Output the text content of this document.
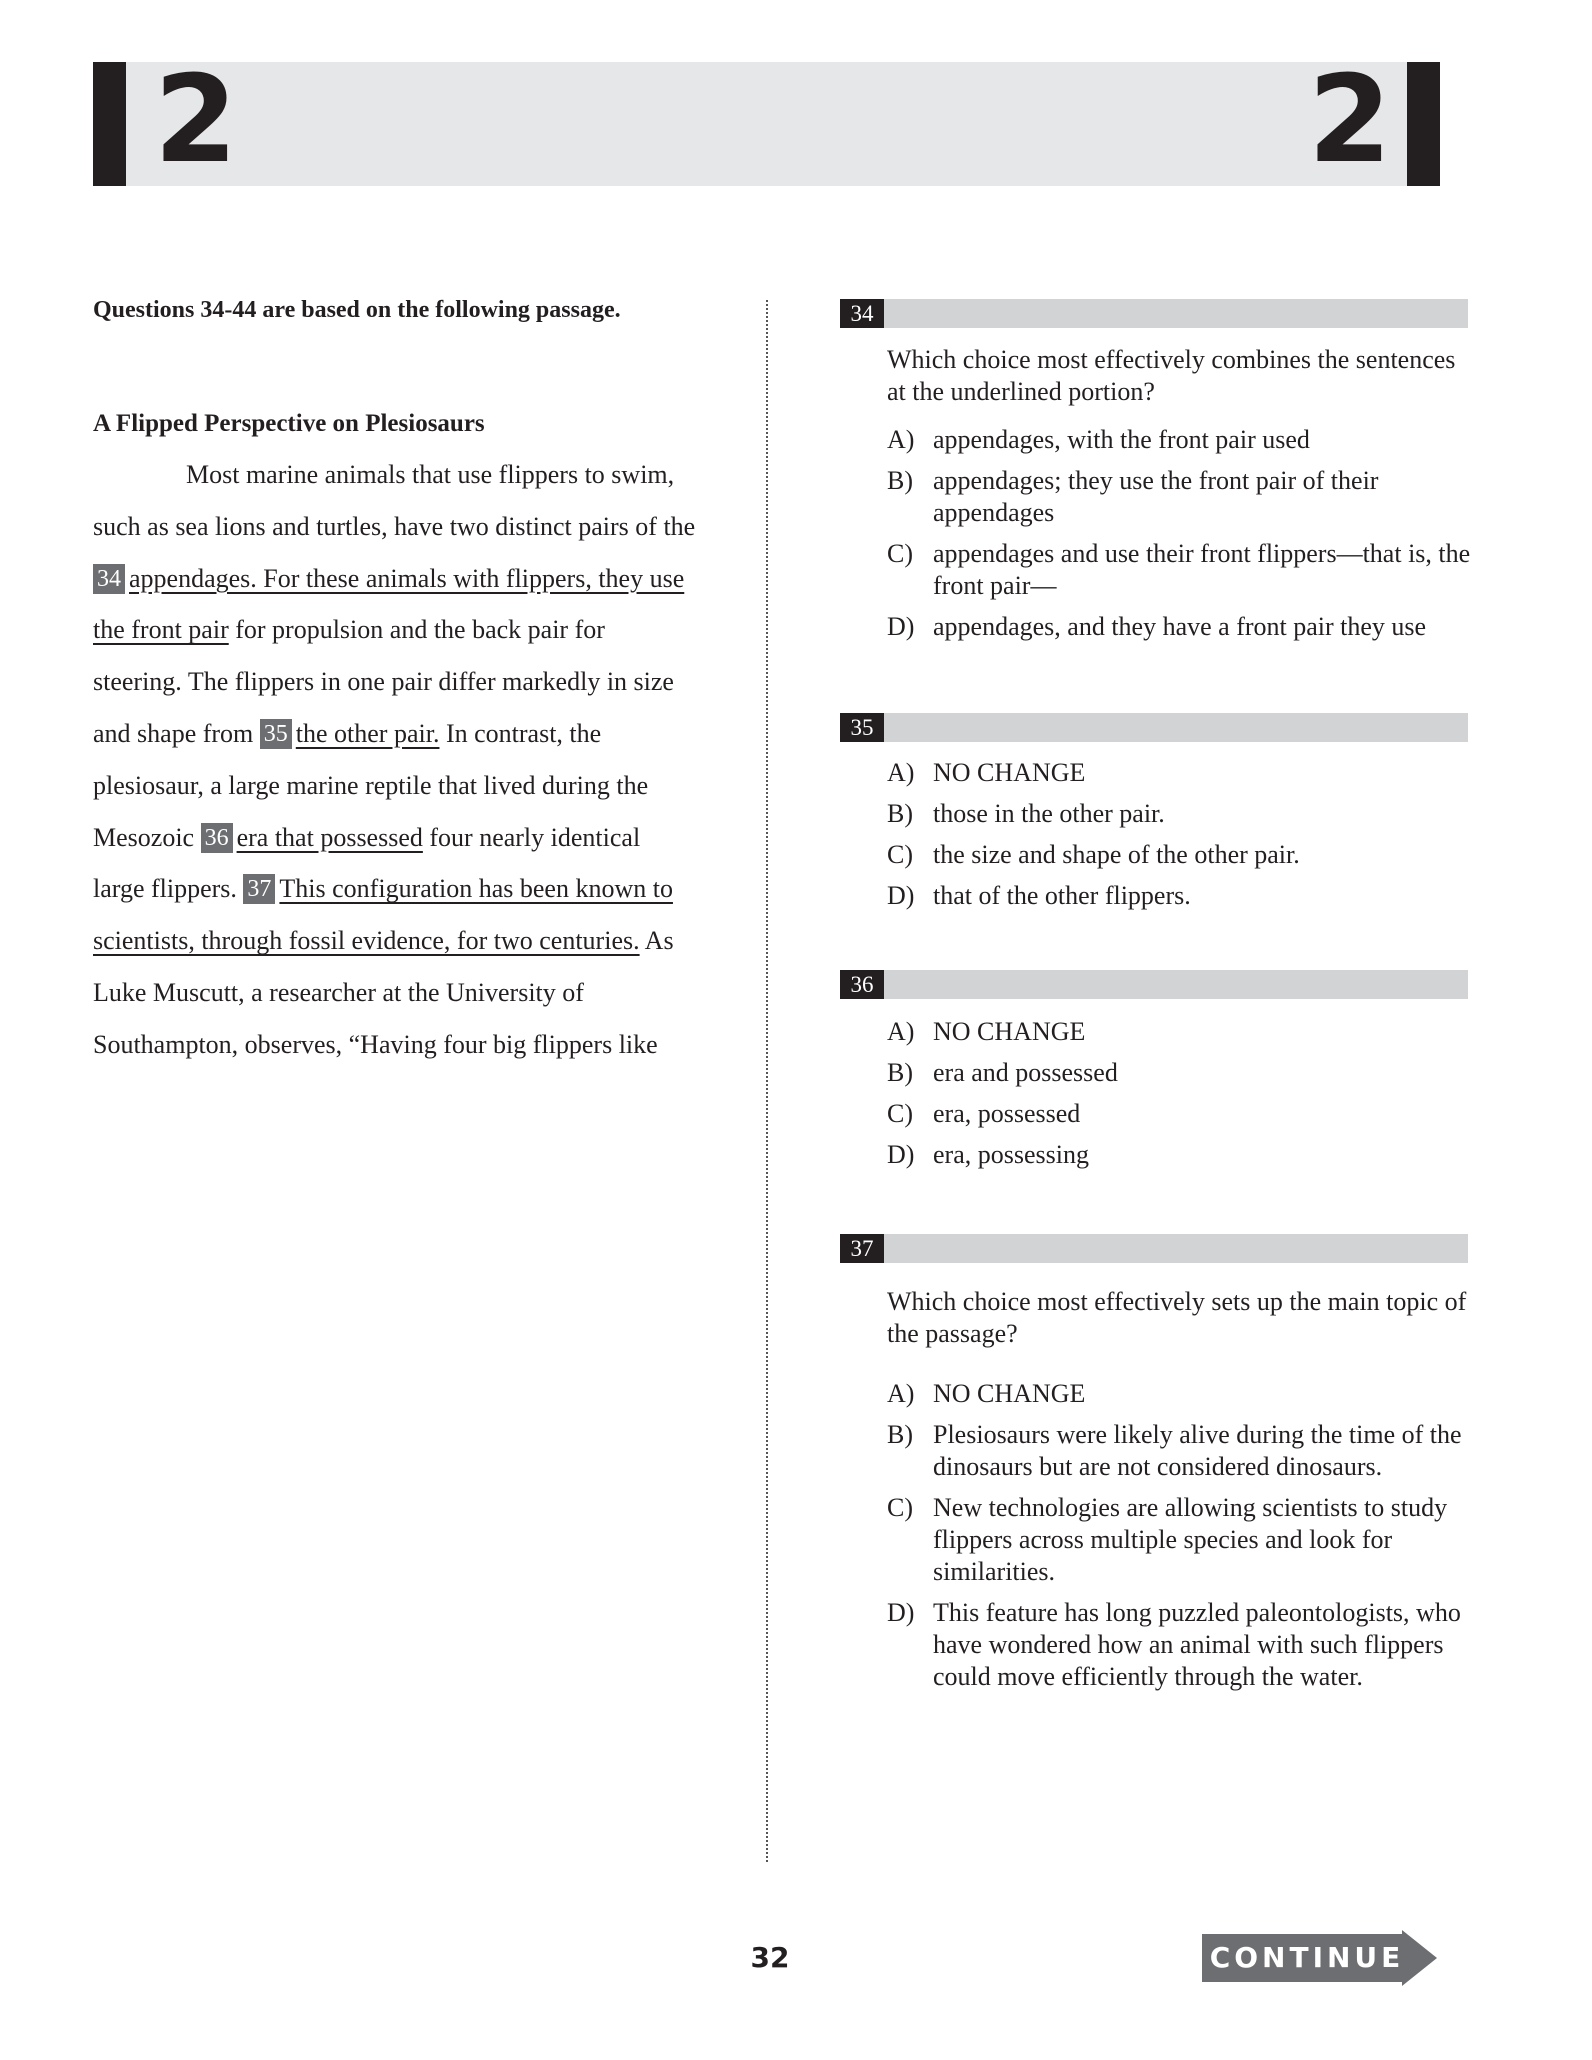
2	2
Questions 34-44 are based on the following passage.
A Flipped Perspective on Plesiosaurs
Most marine animals that use flippers to swim,
such as sea lions and turtles, have two distinct pairs of the
34 appendages. For these animals with flippers, they use
the front pair for propulsion and the back pair for
steering. The flippers in one pair differ markedly in size
and shape from 35 the other pair. In contrast, the
plesiosaur, a large marine reptile that lived during the
Mesozoic 36 era that possessed four nearly identical
large flippers. 37 This configuration has been known to
scientists, through fossil evidence, for two centuries. As
Luke Muscutt, a researcher at the University of
Southampton, observes, “Having four big flippers like
34
Which choice most effectively combines the sentences at the underlined portion?
A) appendages, with the front pair used
B) appendages; they use the front pair of their appendages
C) appendages and use their front flippers—that is, the front pair—
D) appendages, and they have a front pair they use
35
A) NO CHANGE
B) those in the other pair.
C) the size and shape of the other pair.
D) that of the other flippers.
36
A) NO CHANGE
B) era and possessed
C) era, possessed
D) era, possessing
37
Which choice most effectively sets up the main topic of the passage?
A) NO CHANGE
B) Plesiosaurs were likely alive during the time of the dinosaurs but are not considered dinosaurs.
C) New technologies are allowing scientists to study flippers across multiple species and look for similarities.
D) This feature has long puzzled paleontologists, who have wondered how an animal with such flippers could move efficiently through the water.
32	CONTINUE
